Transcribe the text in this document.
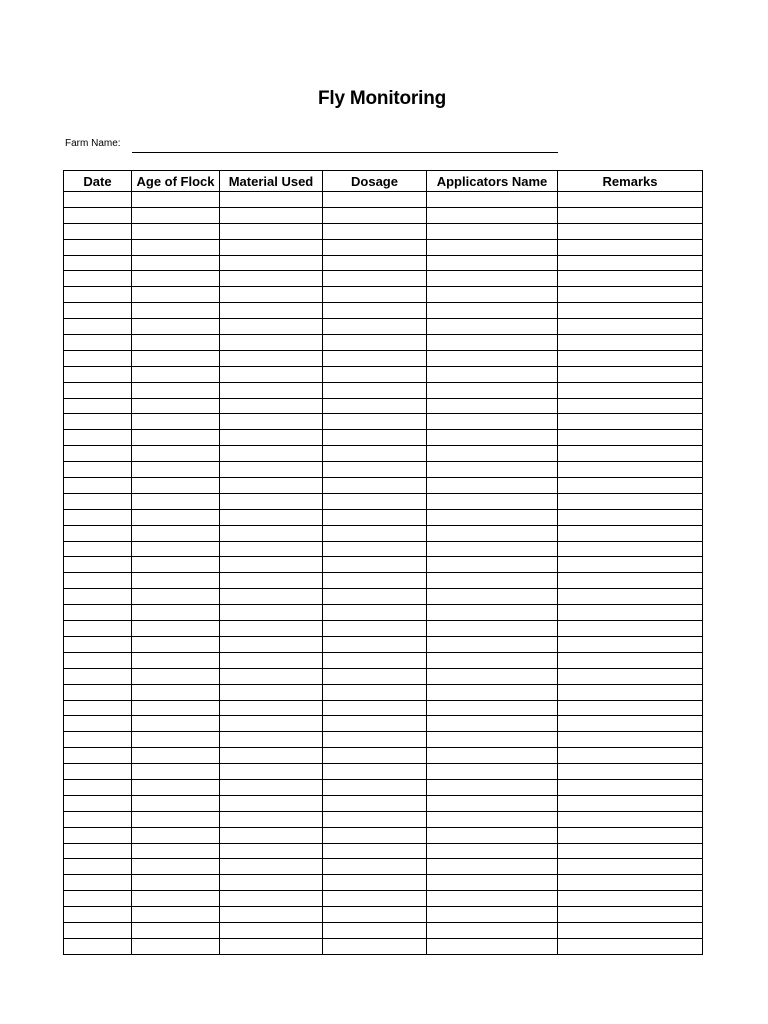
Fly Monitoring
Farm Name:
Date	Age of Flock	Material Used	Dosage	Applicators Name	Remarks
